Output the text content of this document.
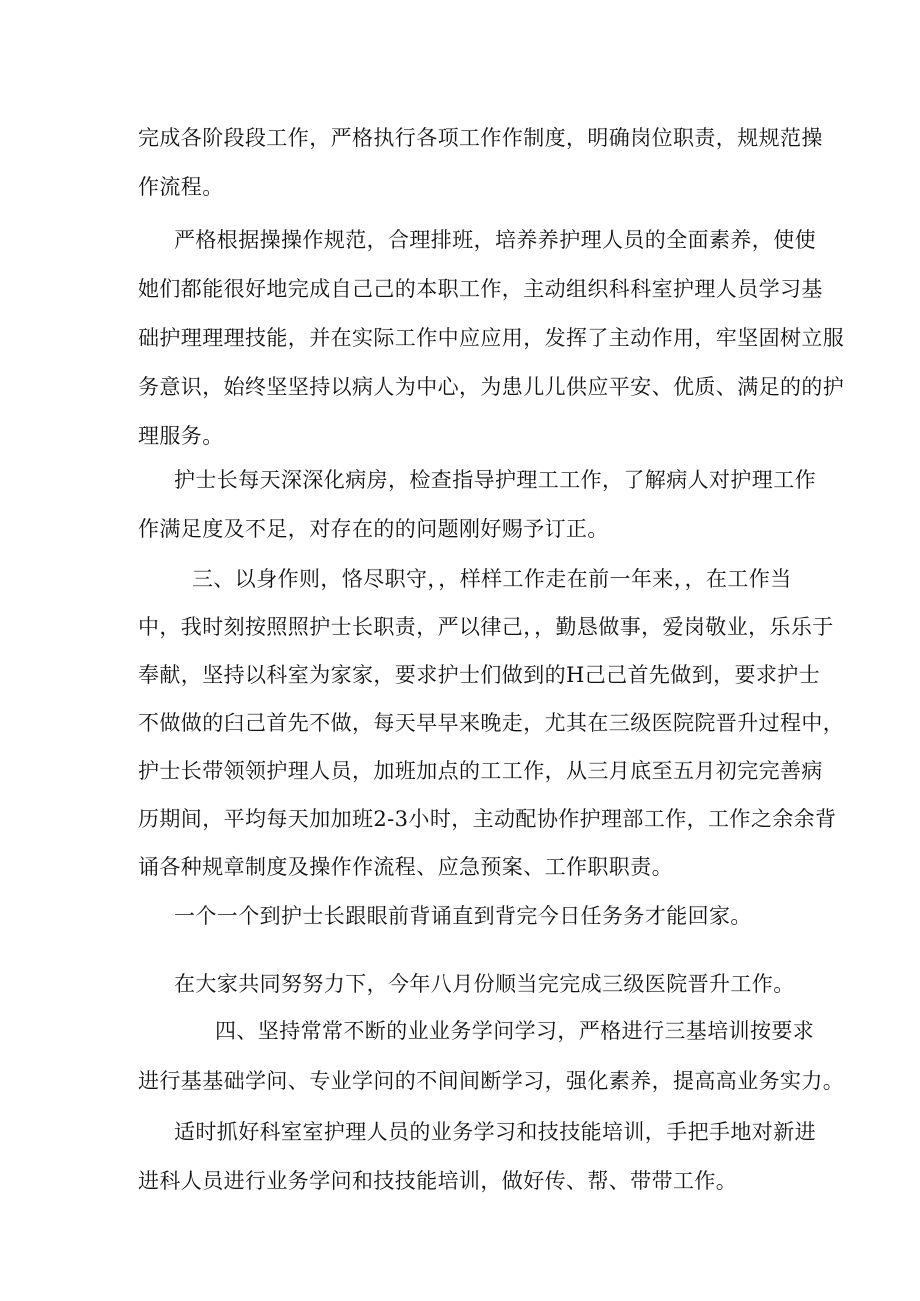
完成各阶段段工作，严格执行各项工作作制度，明确岗位职责，规规范操
作流程。
严格根据操操作规范，合理排班，培养养护理人员的全面素养，使使
她们都能很好地完成自己己的本职工作，主动组织科科室护理人员学习基
础护理理理技能，并在实际工作中应应用，发挥了主动作用，牢坚固树立服
务意识，始终坚坚持以病人为中心，为患儿儿供应平安、优质、满足的的护
理服务。
护士长每天深深化病房，检查指导护理工工作，了解病人对护理工作
作满足度及不足，对存在的的问题刚好赐予订正。
三、以身作则，恪尽职守，，样样工作走在前一年来，，在工作当
中，我时刻按照照护士长职责，严以律己，，勤恳做事，爱岗敬业，乐乐于
奉献，坚持以科室为家家，要求护士们做到的H己己首先做到，要求护士
不做做的臼己首先不做，每天早早来晚走，尤其在三级医院院晋升过程中，
护士长带领领护理人员，加班加点的工工作，从三月底至五月初完完善病
历期间，平均每天加加班2-3小时，主动配协作护理部工作，工作之余余背
诵各种规章制度及操作作流程、应急预案、工作职职责。
一个一个到护士长跟眼前背诵直到背完今日任务务才能回家。
在大家共同努努力下，今年八月份顺当完完成三级医院晋升工作。
四、坚持常常不断的业业务学问学习，严格进行三基培训按要求
进行基基础学问、专业学问的不间间断学习，强化素养，提高高业务实力。
适时抓好科室室护理人员的业务学习和技技能培训，手把手地对新进
进科人员进行业务学问和技技能培训，做好传、帮、带带工作。
